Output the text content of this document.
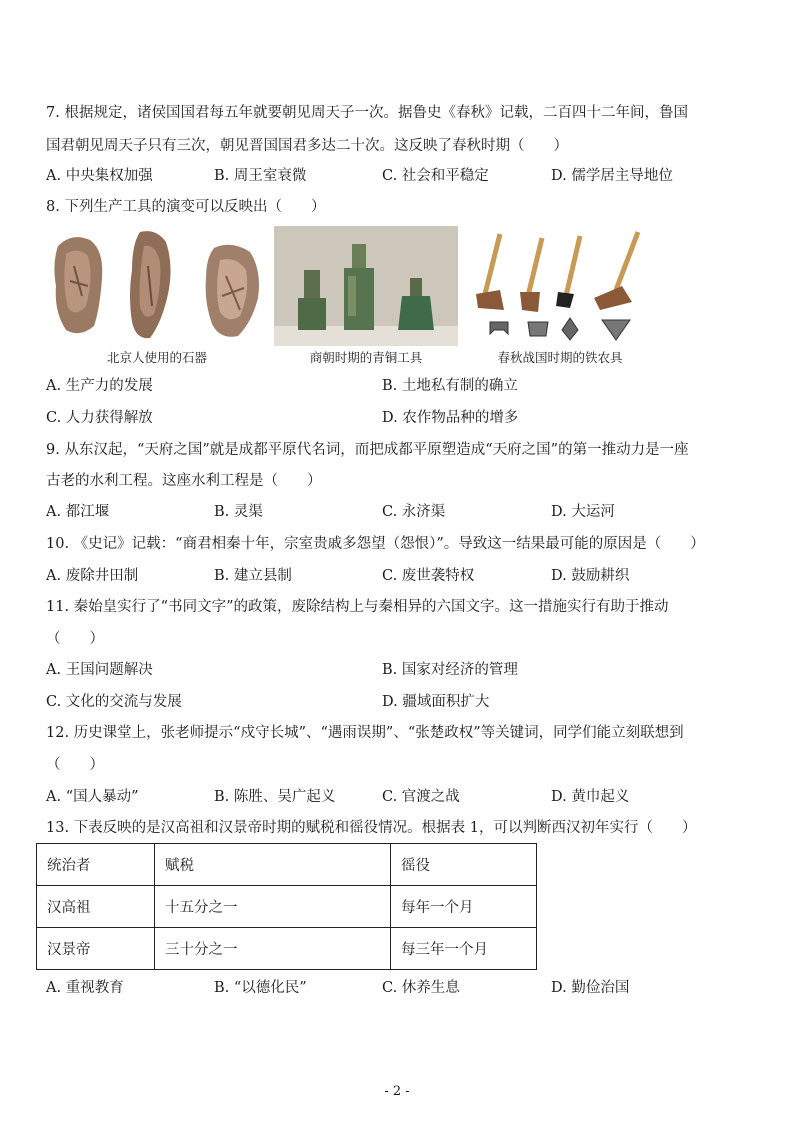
7. 根据规定，诸侯国国君每五年就要朝见周天子一次。据鲁史《春秋》记载，二百四十二年间，鲁国
国君朝见周天子只有三次，朝见晋国国君多达二十次。这反映了春秋时期（　　）
A. 中央集权加强	B. 周王室衰微	C. 社会和平稳定	D. 儒学居主导地位
8. 下列生产工具的演变可以反映出（　　）
北京人使用的石器	商朝时期的青铜工具	春秋战国时期的铁农具
A. 生产力的发展	B. 土地私有制的确立
C. 人力获得解放	D. 农作物品种的增多
9. 从东汉起，“天府之国”就是成都平原代名词，而把成都平原塑造成“天府之国”的第一推动力是一座
古老的水利工程。这座水利工程是（　　）
A. 都江堰	B. 灵渠	C. 永济渠	D. 大运河
10. 《史记》记载：“商君相秦十年，宗室贵戚多怨望（怨恨）”。导致这一结果最可能的原因是（　　）
A. 废除井田制	B. 建立县制	C. 废世袭特权	D. 鼓励耕织
11. 秦始皇实行了“书同文字”的政策，废除结构上与秦相异的六国文字。这一措施实行有助于推动
（　　）
A. 王国问题解决	B. 国家对经济的管理
C. 文化的交流与发展	D. 疆域面积扩大
12. 历史课堂上，张老师提示“戍守长城”、“遇雨误期”、“张楚政权”等关键词，同学们能立刻联想到
（　　）
A. “国人暴动”	B. 陈胜、吴广起义	C. 官渡之战	D. 黄巾起义
13. 下表反映的是汉高祖和汉景帝时期的赋税和徭役情况。根据表 1，可以判断西汉初年实行（　　）
统治者	赋税	徭役
汉高祖	十五分之一	每年一个月
汉景帝	三十分之一	每三年一个月
A. 重视教育	B. “以德化民”	C. 休养生息	D. 勤俭治国
- 2 -
